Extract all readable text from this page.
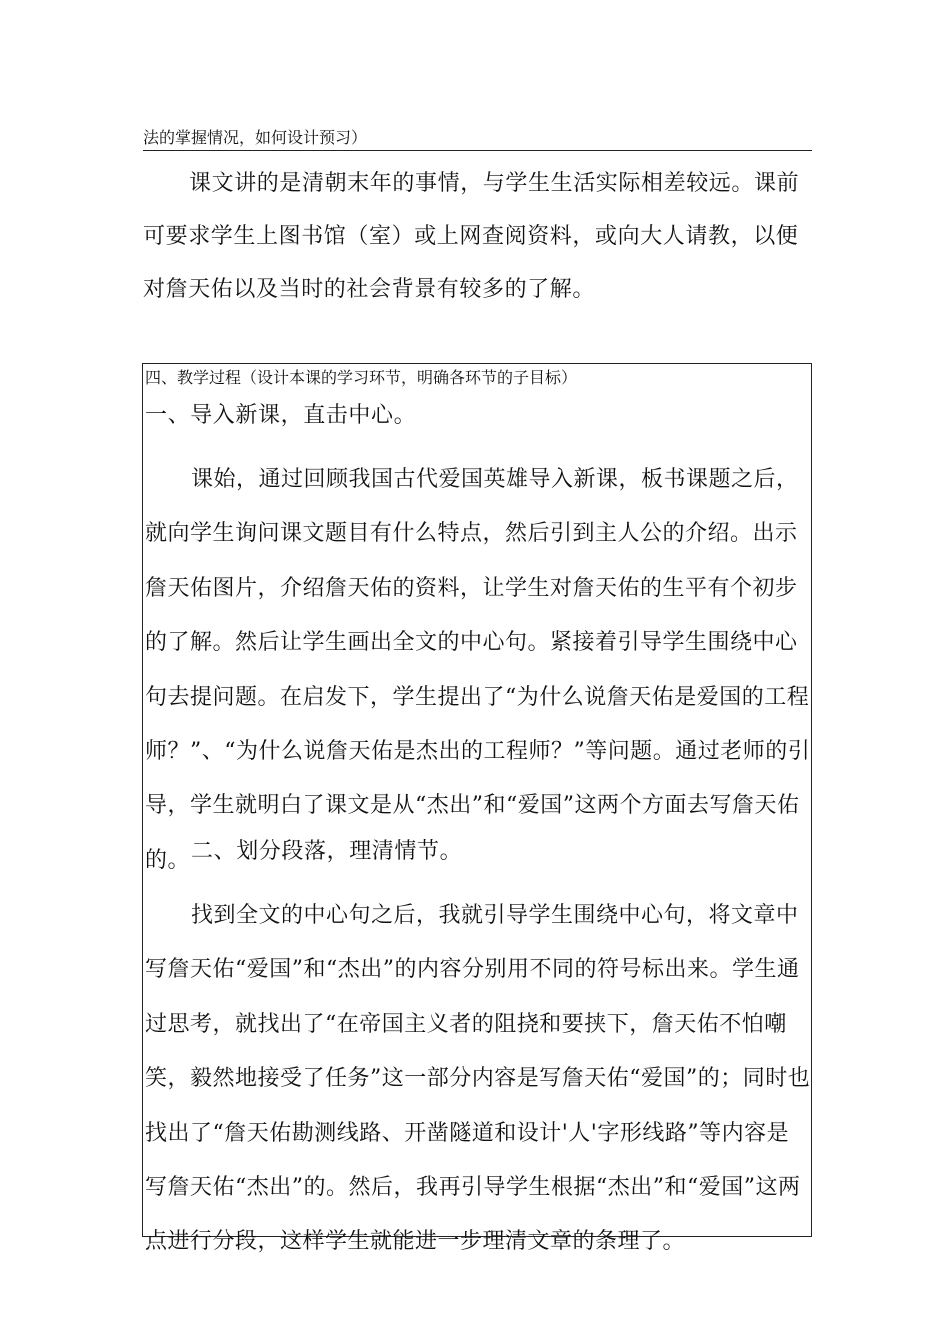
法的掌握情况，如何设计预习）

课文讲的是清朝末年的事情，与学生生活实际相差较远。课前可要求学生上图书馆（室）或上网查阅资料，或向大人请教，以便对詹天佑以及当时的社会背景有较多的了解。

四、教学过程（设计本课的学习环节，明确各环节的子目标）
一、导入新课，直击中心。

课始，通过回顾我国古代爱国英雄导入新课，板书课题之后，就向学生询问课文题目有什么特点，然后引到主人公的介绍。出示詹天佑图片，介绍詹天佑的资料，让学生对詹天佑的生平有个初步的了解。然后让学生画出全文的中心句。紧接着引导学生围绕中心句去提问题。在启发下，学生提出了“为什么说詹天佑是爱国的工程师？”、“为什么说詹天佑是杰出的工程师？”等问题。通过老师的引导，学生就明白了课文是从“杰出”和“爱国”这两个方面去写詹天佑的。 二、划分段落，理清情节。

找到全文的中心句之后，我就引导学生围绕中心句，将文章中写詹天佑“爱国”和“杰出”的内容分别用不同的符号标出来。学生通过思考，就找出了“在帝国主义者的阻挠和要挟下，詹天佑不怕嘲笑，毅然地接受了任务”这一部分内容是写詹天佑“爱国”的；同时也找出了“詹天佑勘测线路、开凿隧道和设计'人'字形线路”等内容是写詹天佑“杰出”的。然后，我再引导学生根据“杰出”和“爱国”这两点进行分段，这样学生就能进一步理清文章的条理了。
